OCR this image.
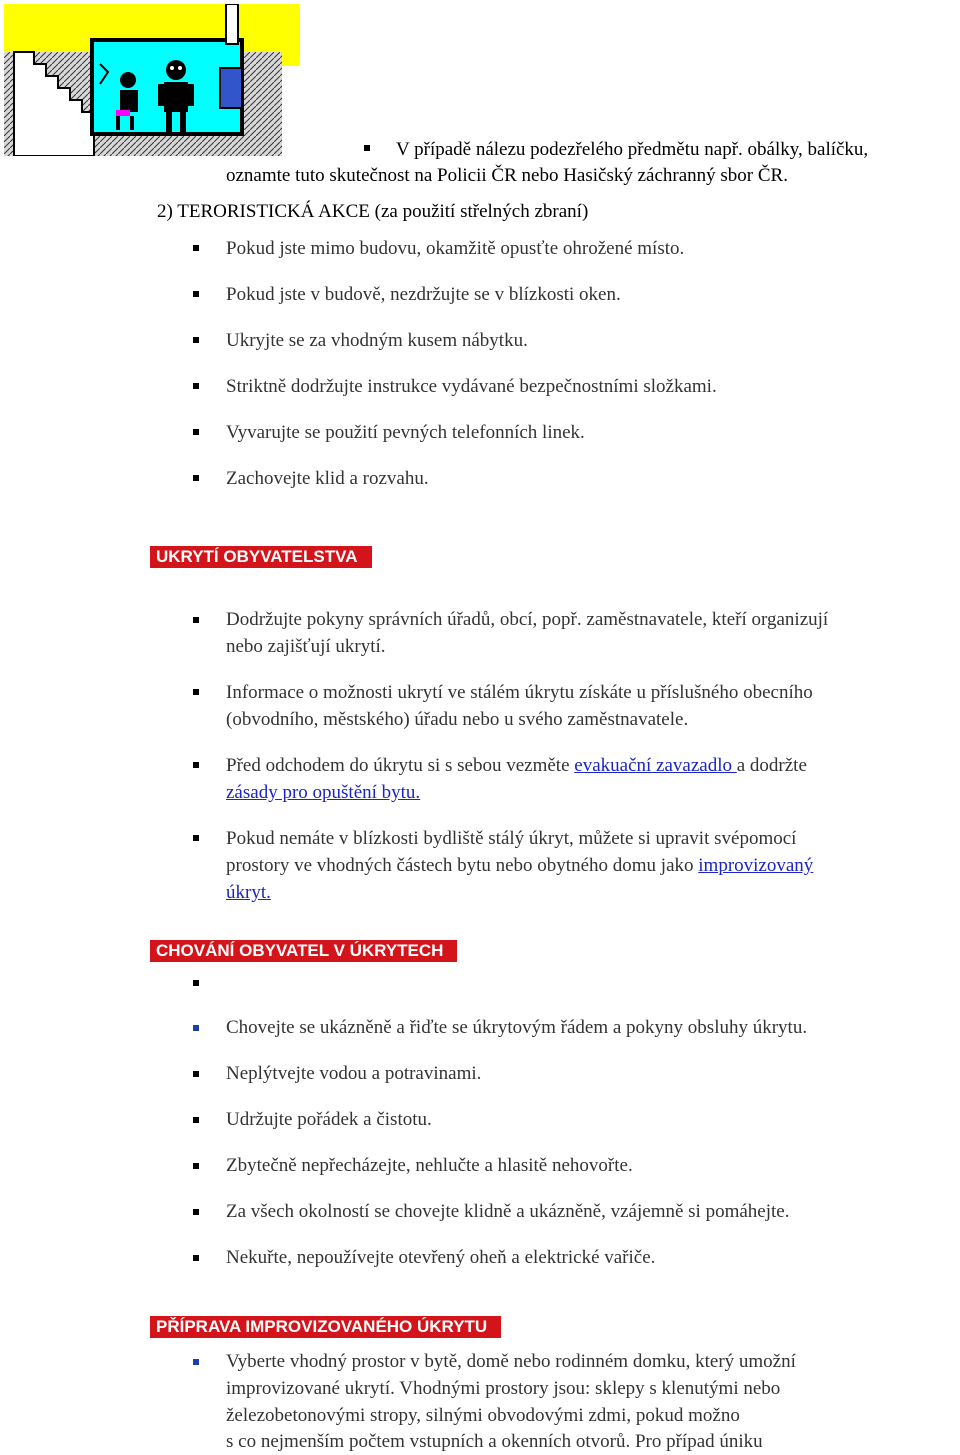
V případě nálezu podezřelého předmětu např. obálky, balíčku,
oznamte tuto skutečnost na Policii ČR nebo Hasičský záchranný sbor ČR.
2) TERORISTICKÁ AKCE (za použití střelných zbraní)
Pokud jste mimo budovu, okamžitě opusťte ohrožené místo.
Pokud jste v budově, nezdržujte se v blízkosti oken.
Ukryjte se za vhodným kusem nábytku.
Striktně dodržujte instrukce vydávané bezpečnostními složkami.
Vyvarujte se použití pevných telefonních linek.
Zachovejte klid a rozvahu.
UKRYTÍ OBYVATELSTVA
Dodržujte pokyny správních úřadů, obcí, popř. zaměstnavatele, kteří organizují
nebo zajišťují ukrytí.
Informace o možnosti ukrytí ve stálém úkrytu získáte u příslušného obecního
(obvodního, městského) úřadu nebo u svého zaměstnavatele.
Před odchodem do úkrytu si s sebou vezměte evakuační zavazadlo a dodržte
zásady pro opuštění bytu.
Pokud nemáte v blízkosti bydliště stálý úkryt, můžete si upravit svépomocí
prostory ve vhodných částech bytu nebo obytného domu jako improvizovaný
úkryt.
CHOVÁNÍ OBYVATEL V ÚKRYTECH
Chovejte se ukázněně a řiďte se úkrytovým řádem a pokyny obsluhy úkrytu.
Neplýtvejte vodou a potravinami.
Udržujte pořádek a čistotu.
Zbytečně nepřecházejte, nehlučte a hlasitě nehovořte.
Za všech okolností se chovejte klidně a ukázněně, vzájemně si pomáhejte.
Nekuřte, nepoužívejte otevřený oheň a elektrické vařiče.
PŘÍPRAVA IMPROVIZOVANÉHO ÚKRYTU
Vyberte vhodný prostor v bytě, domě nebo rodinném domku, který umožní
improvizované ukrytí. Vhodnými prostory jsou: sklepy s klenutými nebo
železobetonovými stropy, silnými obvodovými zdmi, pokud možno
s co nejmenším počtem vstupních a okenních otvorů. Pro případ úniku
